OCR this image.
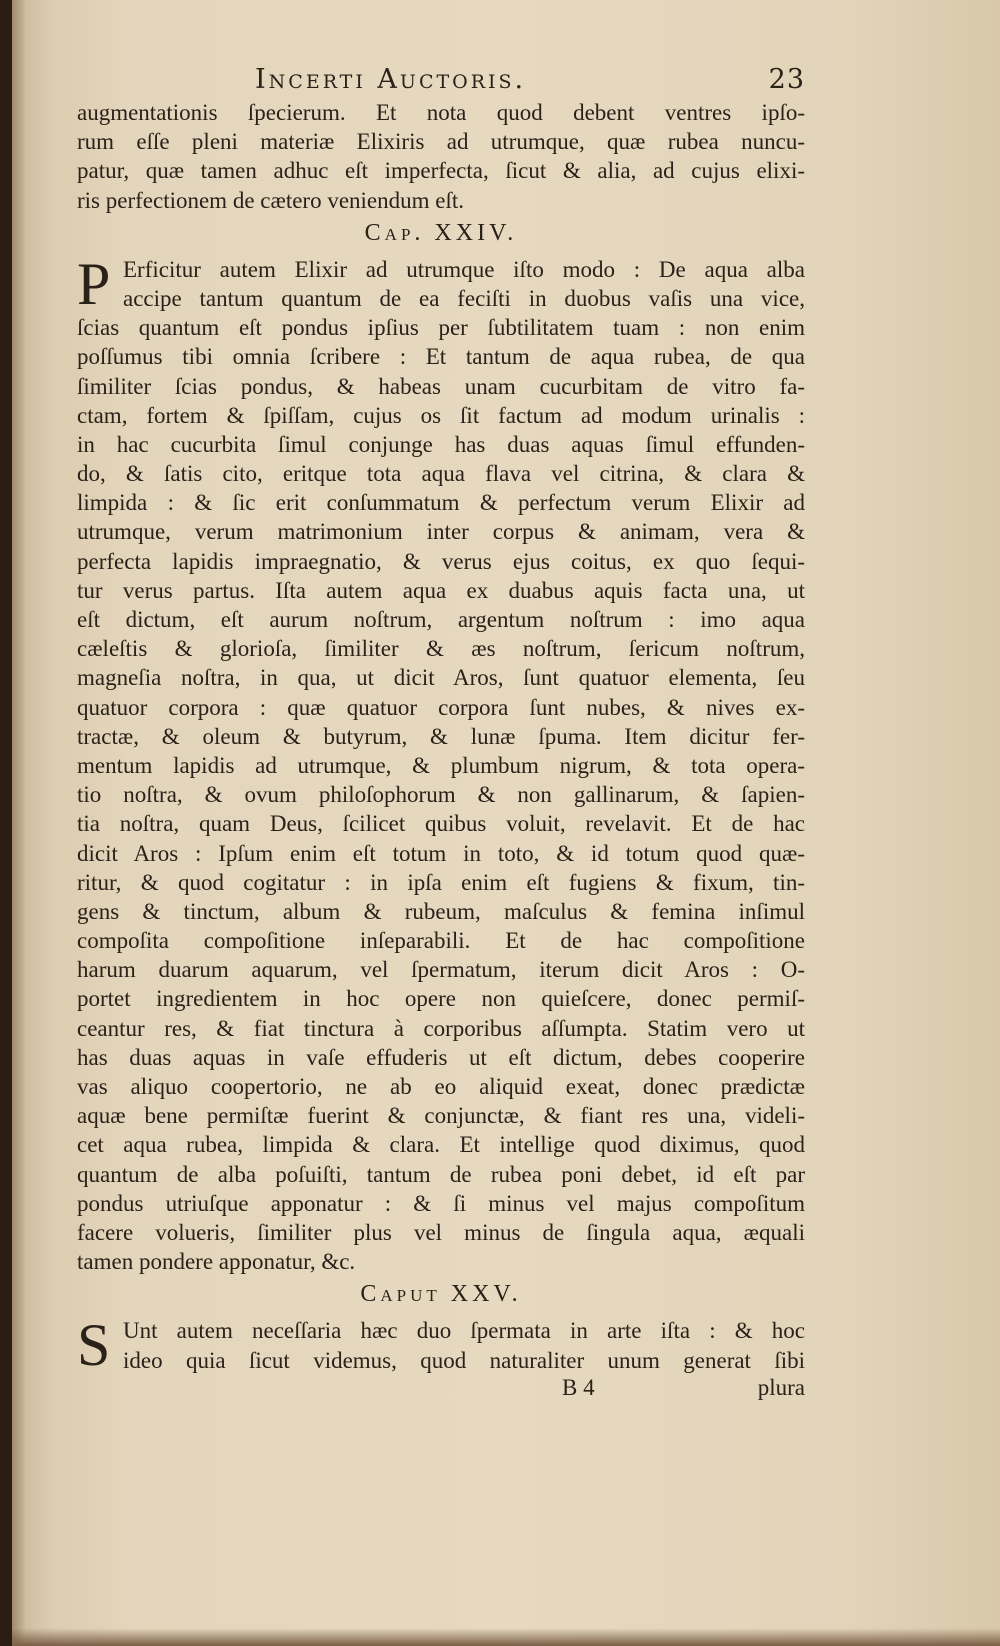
Incerti Auctoris.	23
augmentationis ſpecierum. Et nota quod debent ventres ipſo-
rum eſſe pleni materiæ Elixiris ad utrumque, quæ rubea nuncu-
patur, quæ tamen adhuc eſt imperfecta, ſicut & alia, ad cujus elixi-
ris perfectionem de cætero veniendum eſt.
Cap. XXIV.
P Erficitur autem Elixir ad utrumque iſto modo : De aqua alba
accipe tantum quantum de ea feciſti in duobus vaſis una vice,
ſcias quantum eſt pondus ipſius per ſubtilitatem tuam : non enim
poſſumus tibi omnia ſcribere : Et tantum de aqua rubea, de qua
ſimiliter ſcias pondus, & habeas unam cucurbitam de vitro fa-
ctam, fortem & ſpiſſam, cujus os ſit factum ad modum urinalis :
in hac cucurbita ſimul conjunge has duas aquas ſimul effunden-
do, & ſatis cito, eritque tota aqua flava vel citrina, & clara &
limpida : & ſic erit conſummatum & perfectum verum Elixir ad
utrumque, verum matrimonium inter corpus & animam, vera &
perfecta lapidis impraegnatio, & verus ejus coitus, ex quo ſequi-
tur verus partus. Iſta autem aqua ex duabus aquis facta una, ut
eſt dictum, eſt aurum noſtrum, argentum noſtrum : imo aqua
cæleſtis & glorioſa, ſimiliter & æs noſtrum, ſericum noſtrum,
magneſia noſtra, in qua, ut dicit Aros, ſunt quatuor elementa, ſeu
quatuor corpora : quæ quatuor corpora ſunt nubes, & nives ex-
tractæ, & oleum & butyrum, & lunæ ſpuma. Item dicitur fer-
mentum lapidis ad utrumque, & plumbum nigrum, & tota opera-
tio noſtra, & ovum philoſophorum & non gallinarum, & ſapien-
tia noſtra, quam Deus, ſcilicet quibus voluit, revelavit. Et de hac
dicit Aros : Ipſum enim eſt totum in toto, & id totum quod quæ-
ritur, & quod cogitatur : in ipſa enim eſt fugiens & fixum, tin-
gens & tinctum, album & rubeum, maſculus & femina inſimul
compoſita compoſitione inſeparabili. Et de hac compoſitione
harum duarum aquarum, vel ſpermatum, iterum dicit Aros : O-
portet ingredientem in hoc opere non quieſcere, donec permiſ-
ceantur res, & fiat tinctura à corporibus aſſumpta. Statim vero ut
has duas aquas in vaſe effuderis ut eſt dictum, debes cooperire
vas aliquo coopertorio, ne ab eo aliquid exeat, donec prædictæ
aquæ bene permiſtæ fuerint & conjunctæ, & fiant res una, videli-
cet aqua rubea, limpida & clara. Et intellige quod diximus, quod
quantum de alba poſuiſti, tantum de rubea poni debet, id eſt par
pondus utriuſque apponatur : & ſi minus vel majus compoſitum
facere volueris, ſimiliter plus vel minus de ſingula aqua, æquali
tamen pondere apponatur, &c.
Caput XXV.
S Unt autem neceſſaria hæc duo ſpermata in arte iſta : & hoc
ideo quia ſicut videmus, quod naturaliter unum generat ſibi
B 4	plura
